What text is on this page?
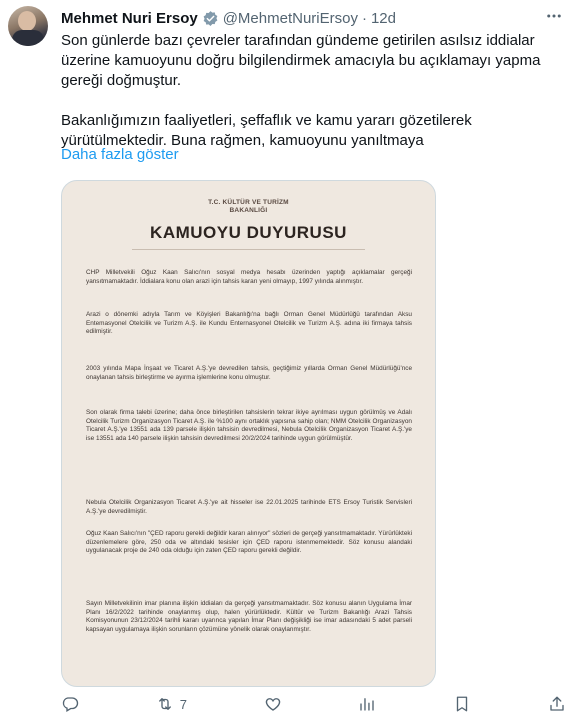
Mehmet Nuri Ersoy @MehmetNuriErsoy · 12d

Son günlerde bazı çevreler tarafından gündeme getirilen asılsız iddialar üzerine kamuoyunu doğru bilgilendirmek amacıyla bu açıklamayı yapma gereği doğmuştur.

Bakanlığımızın faaliyetleri, şeffaflık ve kamu yararı gözetilerek yürütülmektedir. Buna rağmen, kamuoyunu yanıltmaya

Daha fazla göster
T.C. KÜLTÜR VE TURİZM
BAKANLIĞI
KAMUOYU DUYURUSU
CHP Milletvekili Oğuz Kaan Salıcı'nın sosyal medya hesabı üzerinden yaptığı açıklamalar gerçeği yansıtmamaktadır. İddialara konu olan arazi için tahsis kararı yeni olmayıp, 1997 yılında alınmıştır.
Arazi o dönemki adıyla Tarım ve Köyişleri Bakanlığı'na bağlı Orman Genel Müdürlüğü tarafından Aksu Entemasyonel Otelcilik ve Turizm A.Ş. ile Kundu Enternasyonel Otelcilik ve Turizm A.Ş. adına iki firmaya tahsis edilmiştir.
2003 yılında Mapa İnşaat ve Ticaret A.Ş.'ye devredilen tahsis, geçtiğimiz yıllarda Orman Genel Müdürlüğü'nce onaylanan tahsis birleştirme ve ayırma işlemlerine konu olmuştur.
Son olarak firma talebi üzerine; daha önce birleştirilen tahsislerin tekrar ikiye ayrılması uygun görülmüş ve Adalı Otelcilik Turizm Organizasyon Ticaret A.Ş. ile %100 aynı ortaklık yapısına sahip olan; NMM Otelcilik Organizasyon Ticaret A.Ş.'ye 13551 ada 139 parsele ilişkin tahsisin devredilmesi, Nebula Otelcilik Organizasyon Ticaret A.Ş.'ye ise 13551 ada 140 parsele ilişkin tahsisin devredilmesi 20/2/2024 tarihinde uygun görülmüştür.
Nebula Otelcilik Organizasyon Ticaret A.Ş.'ye ait hisseler ise 22.01.2025 tarihinde ETS Ersoy Turistik Servisleri A.Ş.'ye devredilmiştir.
Oğuz Kaan Salıcı'nın "ÇED raporu gerekli değildir kararı alınıyor" sözleri de gerçeği yansıtmamaktadır. Yürürlükteki düzenlemelere göre, 250 oda ve altındaki tesisler için ÇED raporu istenmemektedir. Söz konusu alandaki uygulanacak proje de 240 oda olduğu için zaten ÇED raporu gerekli değildir.
Sayın Milletvekilinin imar planına ilişkin iddiaları da gerçeği yansıtmamaktadır. Söz konusu alanın Uygulama İmar Planı 16/2/2022 tarihinde onaylanmış olup, halen yürürlüktedir. Kültür ve Turizm Bakanlığı Arazi Tahsis Komisyonunun 23/12/2024 tarihli kararı uyarınca yapılan İmar Planı değişikliği ise imar adasındaki 5 adet parseli kapsayan uygulamaya ilişkin sorunların çözümüne yönelik olarak onaylanmıştır.
7
